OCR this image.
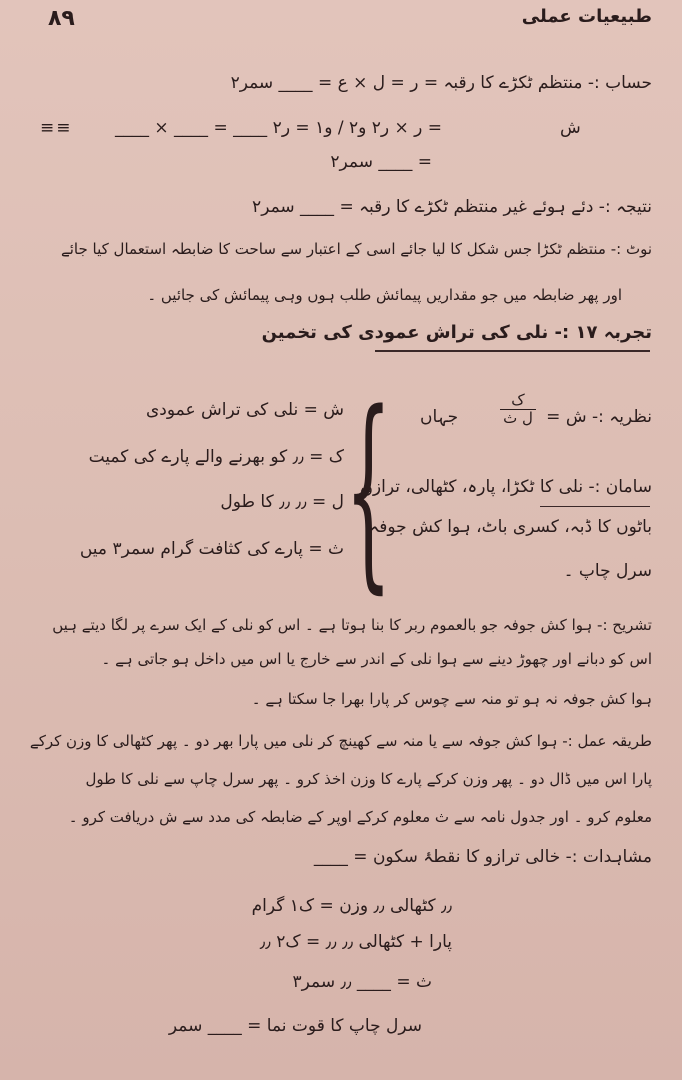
٨٩	طبیعیات عملی
حساب :- منتظم ٹکڑے کا رقبہ = ر = ل × ع = ____ سمر۲
____ × ____ = ____
≡≡	= ر × ر۲ و۲ / و۱ = ر۲	ش
= ____ سمر۲
نتیجہ :- دئے ہوئے غیر منتظم ٹکڑے کا رقبہ = ____ سمر۲
نوٹ :- منتظم ٹکڑا جس شکل کا لیا جائے اسی کے اعتبار سے ساحت کا ضابطہ استعمال کیا جائے
اور پھر ضابطہ میں جو مقداریں پیمائش طلب ہوں وہی پیمائش کی جائیں ۔
تجربہ ١٧ :- نلی کی تراش عمودی کی تخمین
نظریہ :- ش =
ک
ل ث
جہاں
{
ش = نلی کی تراش عمودی
ک = ٫٫ کو بھرنے والے پارے کی کمیت
ل = ٫٫ ٫٫ کا طول
ث = پارے کی کثافت گرام سمر۳ میں
سامان :- نلی کا ٹکڑا، پارہ، کٹھالی، ترازو،
باٹوں کا ڈبہ، کسری باٹ، ہوا کش جوفہ
سرل چاپ ۔
تشریح :- ہوا کش جوفہ جو بالعموم ربر کا بنا ہوتا ہے ۔ اس کو نلی کے ایک سرے پر لگا دیتے ہیں
اس کو دبانے اور چھوڑ دینے سے ہوا نلی کے اندر سے خارج یا اس میں داخل ہو جاتی ہے ۔
ہوا کش جوفہ نہ ہو تو منہ سے چوس کر پارا بھرا جا سکتا ہے ۔
طریقہ عمل :- ہوا کش جوفہ سے یا منہ سے کھینچ کر نلی میں پارا بھر دو ۔ پھر کٹھالی کا وزن کرکے
پارا اس میں ڈال دو ۔ پھر وزن کرکے پارے کا وزن اخذ کرو ۔ پھر سرل چاپ سے نلی کا طول
معلوم کرو ۔ اور جدول نامہ سے ث معلوم کرکے اوپر کے ضابطہ کی مدد سے ش دریافت کرو ۔
مشاہدات :- خالی ترازو کا نقطۂ سکون = ____
٫٫ کٹھالی ٫٫ وزن = ک١ گرام
پارا + کٹھالی ٫٫ ٫٫ = ک٢ ٫٫
ث = ____ ٫٫ سمر۳
سرل چاپ کا قوت نما = ____ سمر
